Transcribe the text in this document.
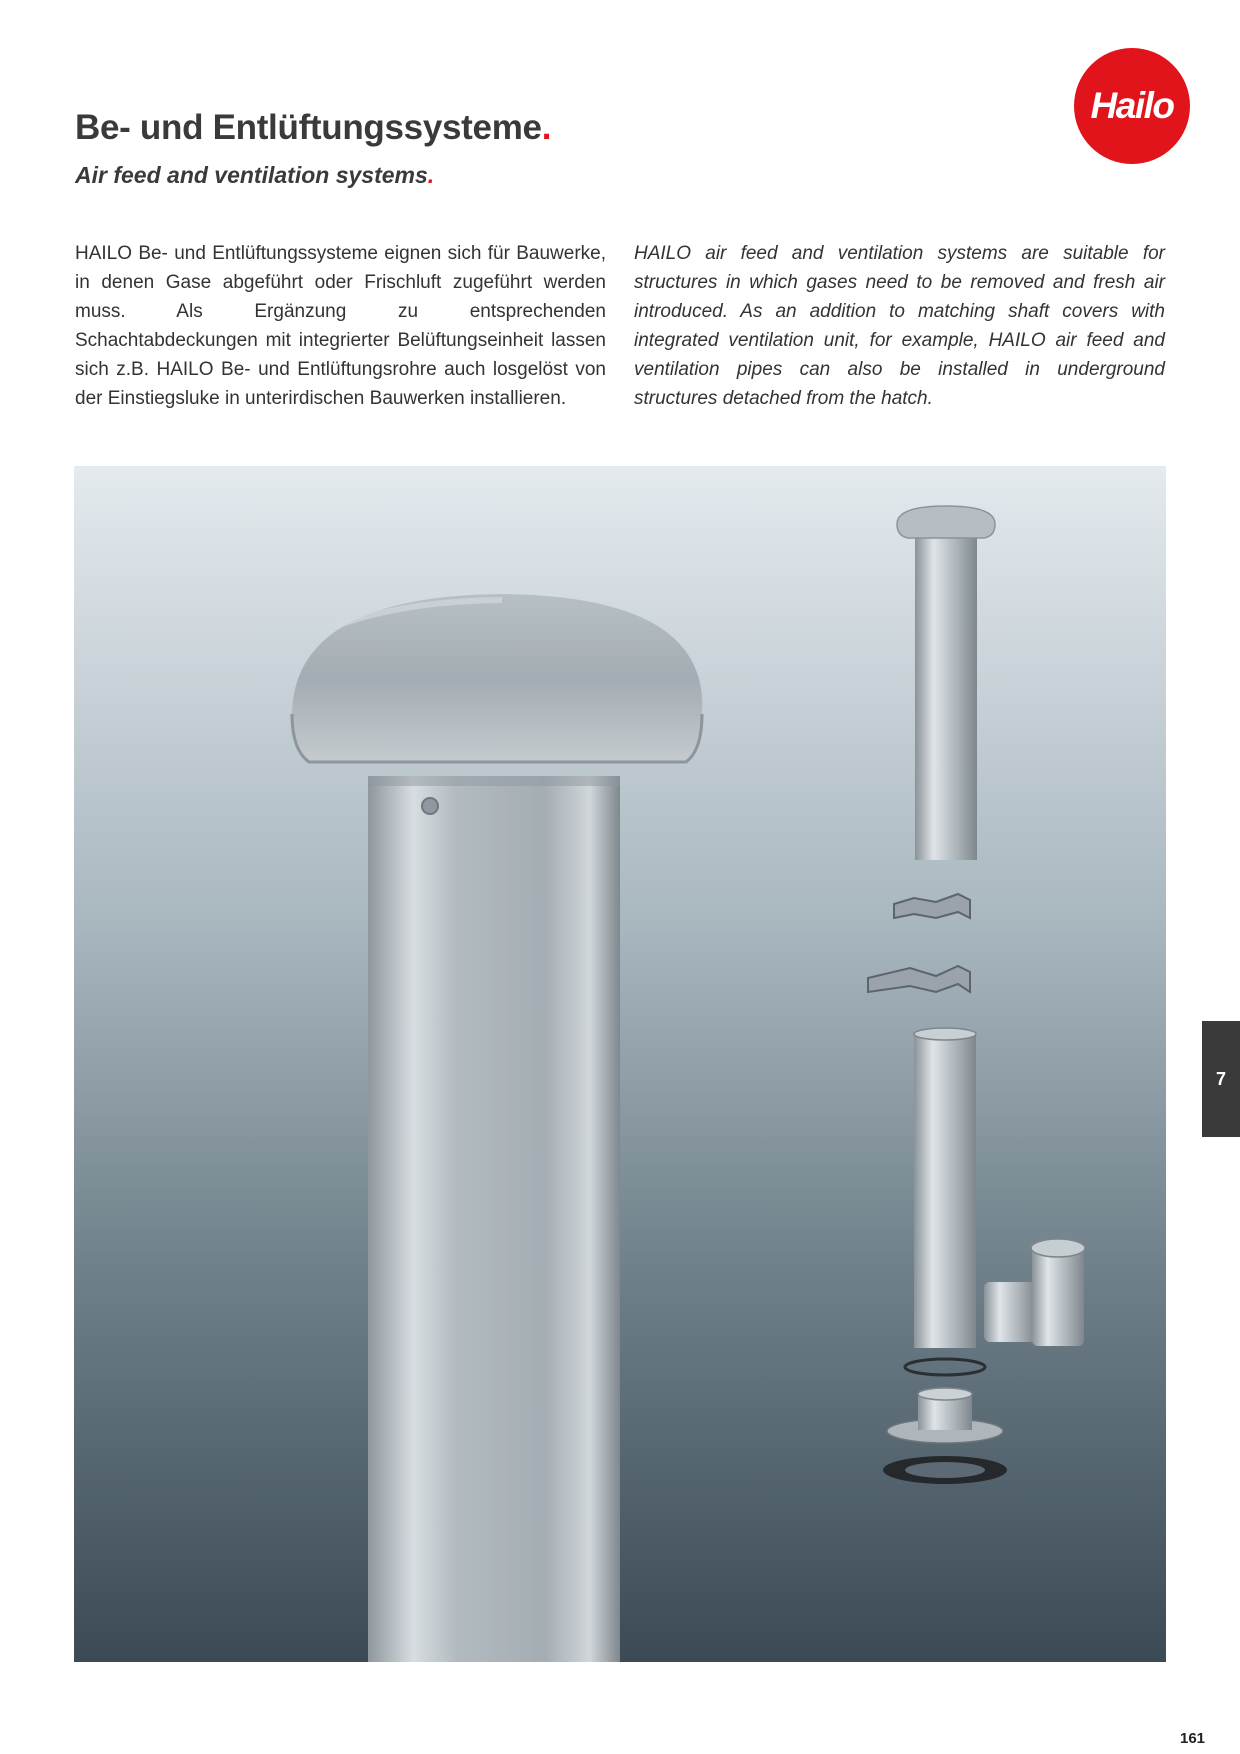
Hailo
Be- und Entlüftungssysteme.
Air feed and ventilation systems.

HAILO Be- und Entlüftungssysteme eignen sich für Bauwerke, in denen Gase abgeführt oder Frischluft zugeführt werden muss. Als Ergänzung zu entsprechenden Schachtabdeckungen mit integrierter Belüftungseinheit lassen sich z.B. HAILO Be- und Entlüftungsrohre auch losgelöst von der Einstiegsluke in unterirdischen Bauwerken installieren.

HAILO air feed and ventilation systems are suitable for structures in which gases need to be removed and fresh air introduced. As an addition to matching shaft covers with integrated ventilation unit, for example, HAILO air feed and ventilation pipes can also be installed in underground structures detached from the hatch.

7
161
